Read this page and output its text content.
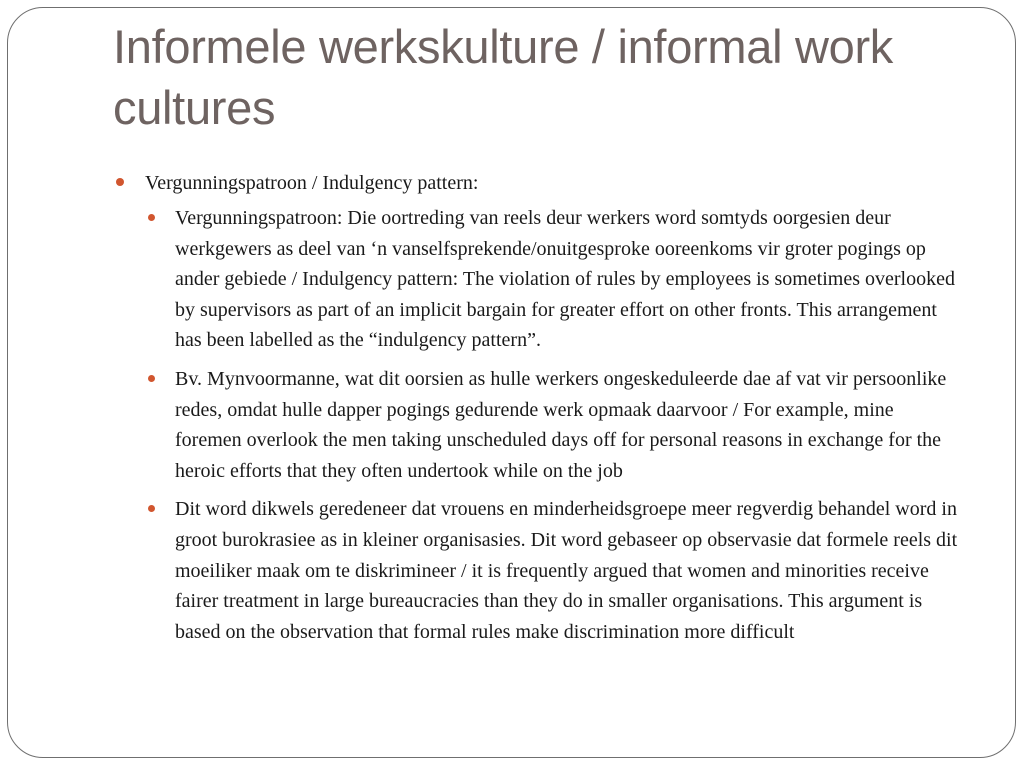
Informele werkskulture / informal work cultures
Vergunningspatroon / Indulgency pattern:
Vergunningspatroon: Die oortreding van reels deur werkers word somtyds oorgesien deur werkgewers as deel van ‘n vanselfsprekende/onuitgesproke ooreenkoms vir groter pogings op ander gebiede / Indulgency pattern: The violation of rules by employees is sometimes overlooked by supervisors as part of an implicit bargain for greater effort on other fronts. This arrangement has been labelled as the “indulgency pattern”.
Bv. Mynvoormanne, wat dit oorsien as hulle werkers ongeskeduleerde dae af vat vir persoonlike redes, omdat hulle dapper pogings gedurende werk opmaak daarvoor / For example, mine foremen overlook the men taking unscheduled days off for personal reasons in exchange for the heroic efforts that they often undertook while on the job
Dit word dikwels geredeneer dat vrouens en minderheidsgroepe meer regverdig behandel word in groot burokrasiee as in kleiner organisasies. Dit word gebaseer op observasie dat formele reels dit moeiliker maak om te diskrimineer / it is frequently argued that women and minorities receive fairer treatment in large bureaucracies than they do in smaller organisations. This argument is based on the observation that formal rules make discrimination more difficult
